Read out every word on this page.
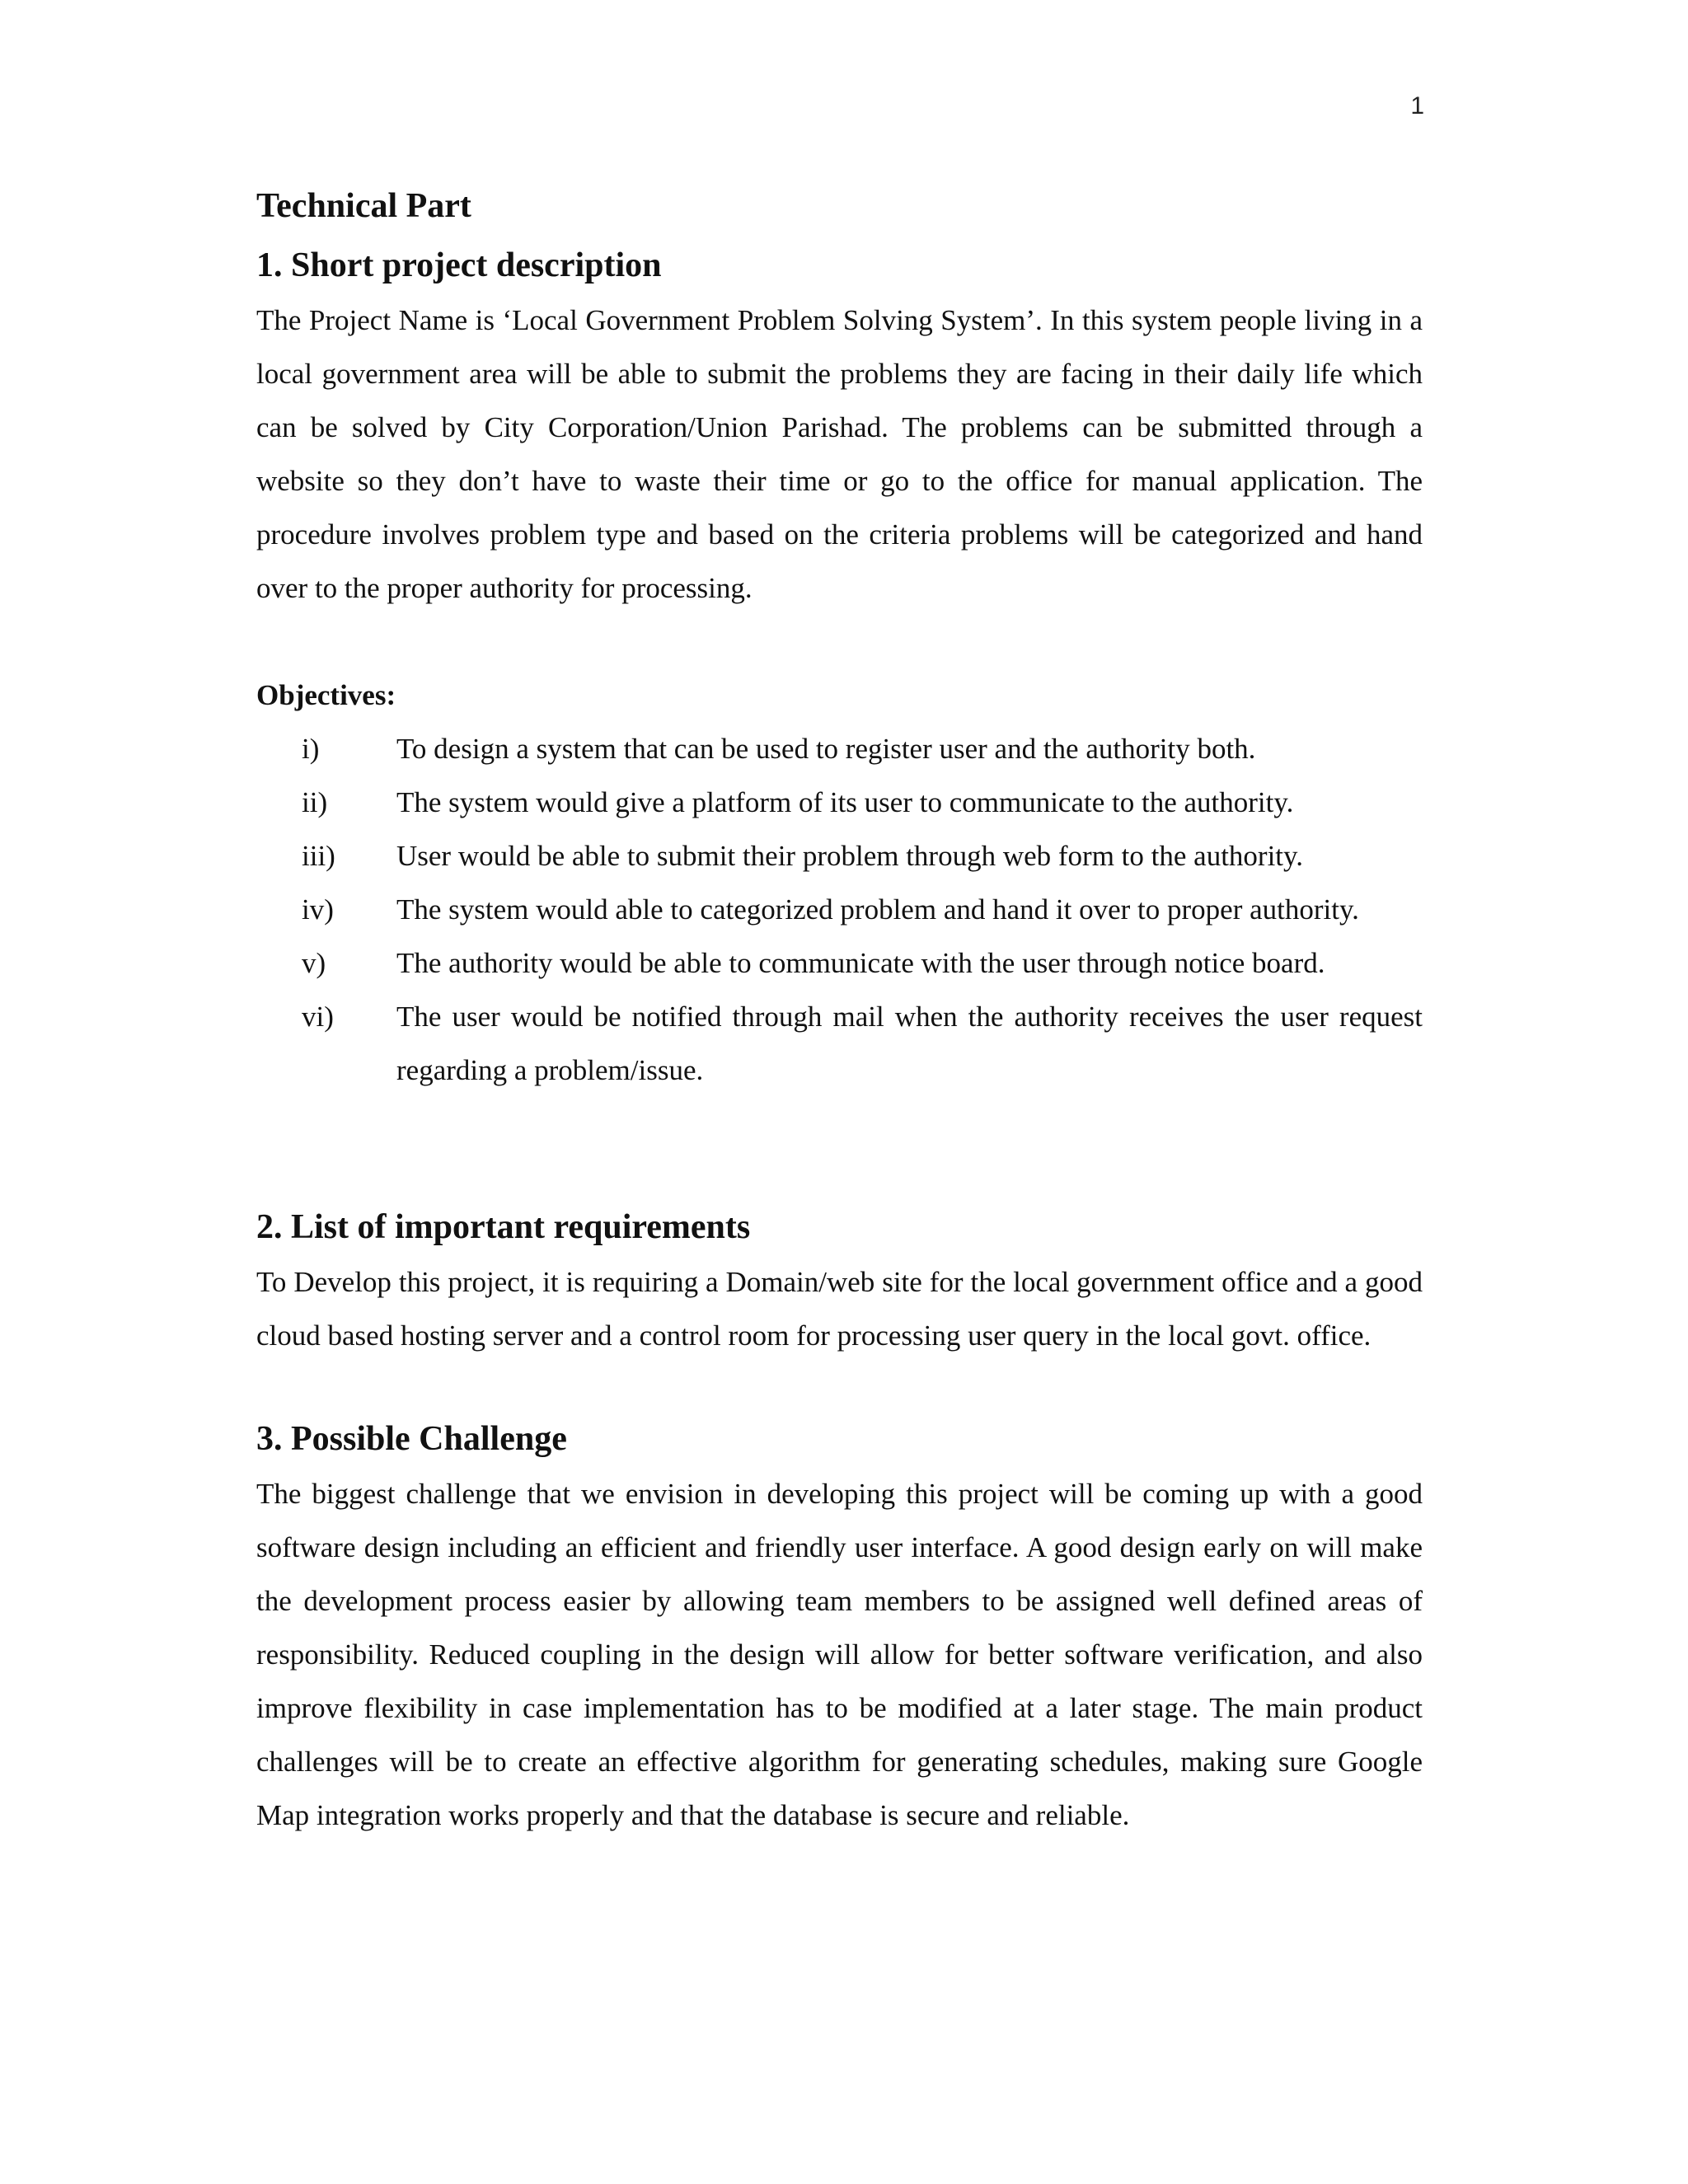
1
Technical Part
1. Short project description

The Project Name is ‘Local Government Problem Solving System’. In this system people living in a local government area will be able to submit the problems they are facing in their daily life which can be solved by City Corporation/Union Parishad. The problems can be submitted through a website so they don’t have to waste their time or go to the office for manual application. The procedure involves problem type and based on the criteria problems will be categorized and hand over to the proper authority for processing.

Objectives:

i)	To design a system that can be used to register user and the authority both.
ii)	The system would give a platform of its user to communicate to the authority.
iii)	User would be able to submit their problem through web form to the authority.
iv)	The system would able to categorized problem and hand it over to proper authority.
v)	The authority would be able to communicate with the user through notice board.
vi)	The user would be notified through mail when the authority receives the user request regarding a problem/issue.
2. List of important requirements

To Develop this project, it is requiring a Domain/web site for the local government office and a good cloud based hosting server and a control room for processing user query in the local govt. office.

3. Possible Challenge

The biggest challenge that we envision in developing this project will be coming up with a good software design including an efficient and friendly user interface. A good design early on will make the development process easier by allowing team members to be assigned well defined areas of responsibility. Reduced coupling in the design will allow for better software verification, and also improve flexibility in case implementation has to be modified at a later stage. The main product challenges will be to create an effective algorithm for generating schedules, making sure Google Map integration works properly and that the database is secure and reliable.
